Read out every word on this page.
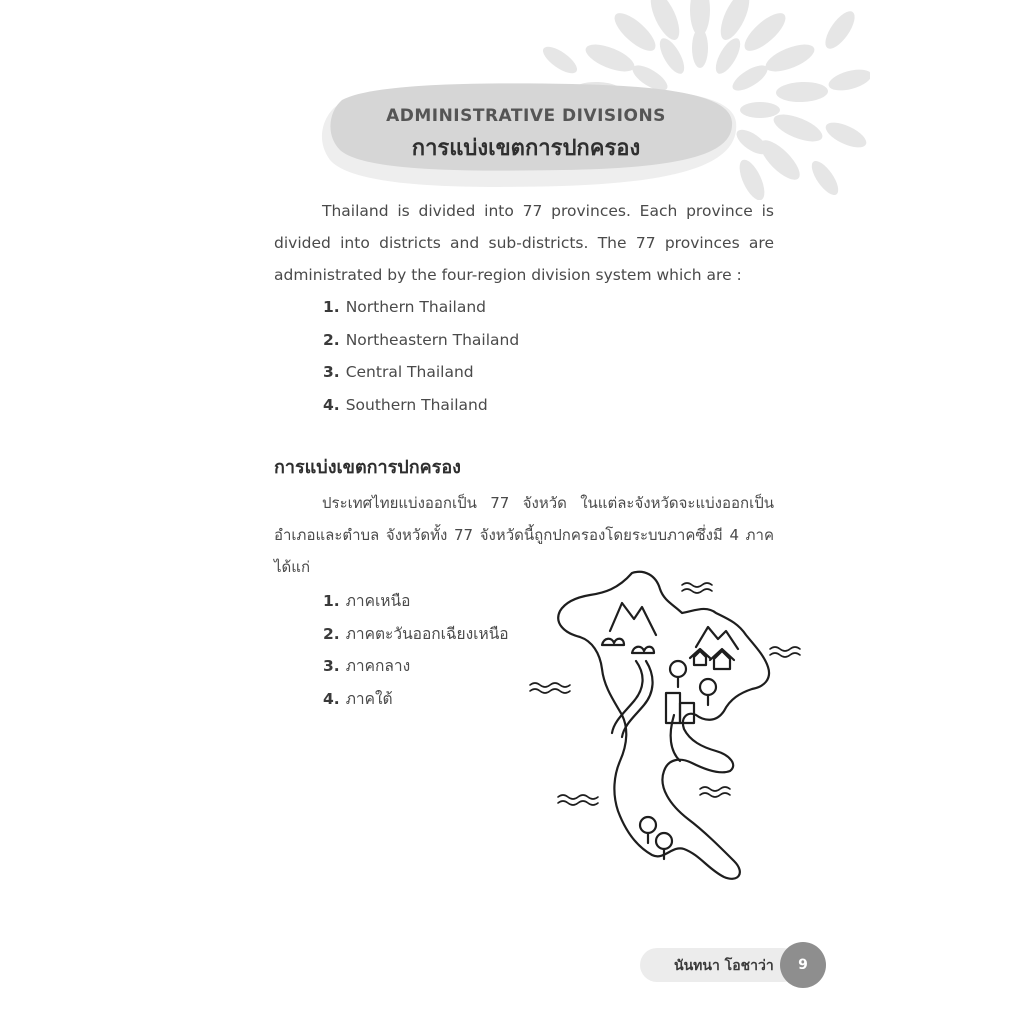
ADMINISTRATIVE DIVISIONS
การแบ่งเขตการปกครอง

Thailand is divided into 77 provinces. Each province is divided into districts and sub-districts. The 77 provinces are administrated by the four-region division system which are :

1. Northern Thailand
2. Northeastern Thailand
3. Central Thailand
4. Southern Thailand
การแบ่งเขตการปกครอง

ประเทศไทยแบ่งออกเป็น 77 จังหวัด ในแต่ละจังหวัดจะแบ่งออกเป็นอำเภอและตำบล จังหวัดทั้ง 77 จังหวัดนี้ถูกปกครองโดยระบบภาคซึ่งมี 4 ภาค ได้แก่

1. ภาคเหนือ
2. ภาคตะวันออกเฉียงเหนือ
3. ภาคกลาง
4. ภาคใต้
นันทนา โอชาว่า	9
